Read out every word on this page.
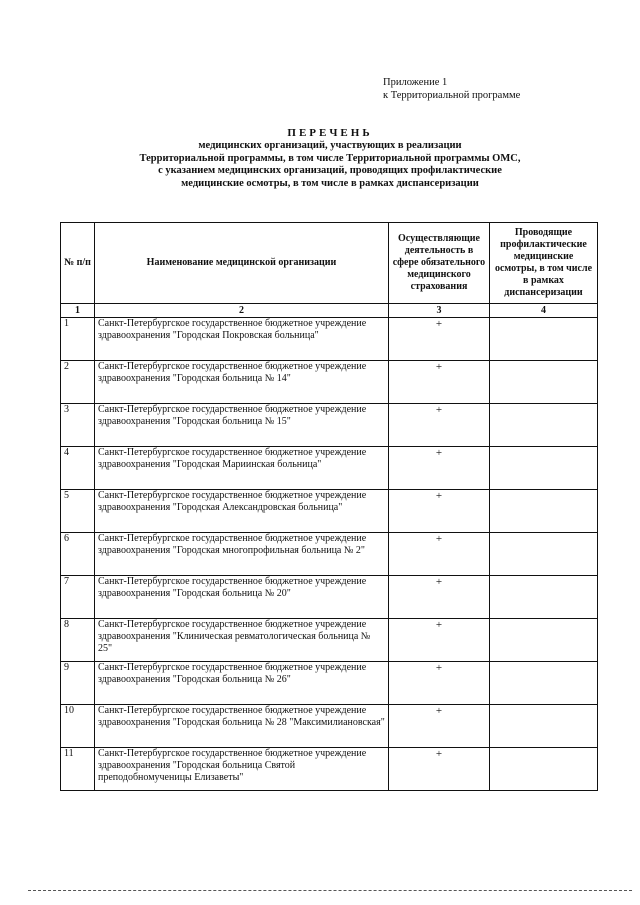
Приложение 1
к Территориальной программе
ПЕРЕЧЕНЬ
медицинских организаций, участвующих в реализации
Территориальной программы, в том числе Территориальной программы ОМС,
с указанием медицинских организаций, проводящих профилактические
медицинские осмотры, в том числе в рамках диспансеризации
№ п/п	Наименование медицинской организации	Осуществляющие деятельность в сфере обязательного медицинского страхования	Проводящие профилактические медицинские осмотры, в том числе в рамках диспансеризации
1	2	3	4
1	Санкт-Петербургское государственное бюджетное учреждение здравоохранения "Городская Покровская больница"	+	
2	Санкт-Петербургское государственное бюджетное учреждение здравоохранения "Городская больница № 14"	+	
3	Санкт-Петербургское государственное бюджетное учреждение здравоохранения "Городская больница № 15"	+	
4	Санкт-Петербургское государственное бюджетное учреждение здравоохранения "Городская Мариинская больница"	+	
5	Санкт-Петербургское государственное бюджетное учреждение здравоохранения "Городская Александровская больница"	+	
6	Санкт-Петербургское государственное бюджетное учреждение здравоохранения "Городская многопрофильная больница № 2"	+	
7	Санкт-Петербургское государственное бюджетное учреждение здравоохранения "Городская больница № 20"	+	
8	Санкт-Петербургское государственное бюджетное учреждение здравоохранения "Клиническая ревматологическая больница № 25"	+	
9	Санкт-Петербургское государственное бюджетное учреждение здравоохранения "Городская больница № 26"	+	
10	Санкт-Петербургское государственное бюджетное учреждение здравоохранения "Городская больница № 28 "Максимилиановская"	+	
11	Санкт-Петербургское государственное бюджетное учреждение здравоохранения "Городская больница Святой преподобномученицы Елизаветы"	+	
